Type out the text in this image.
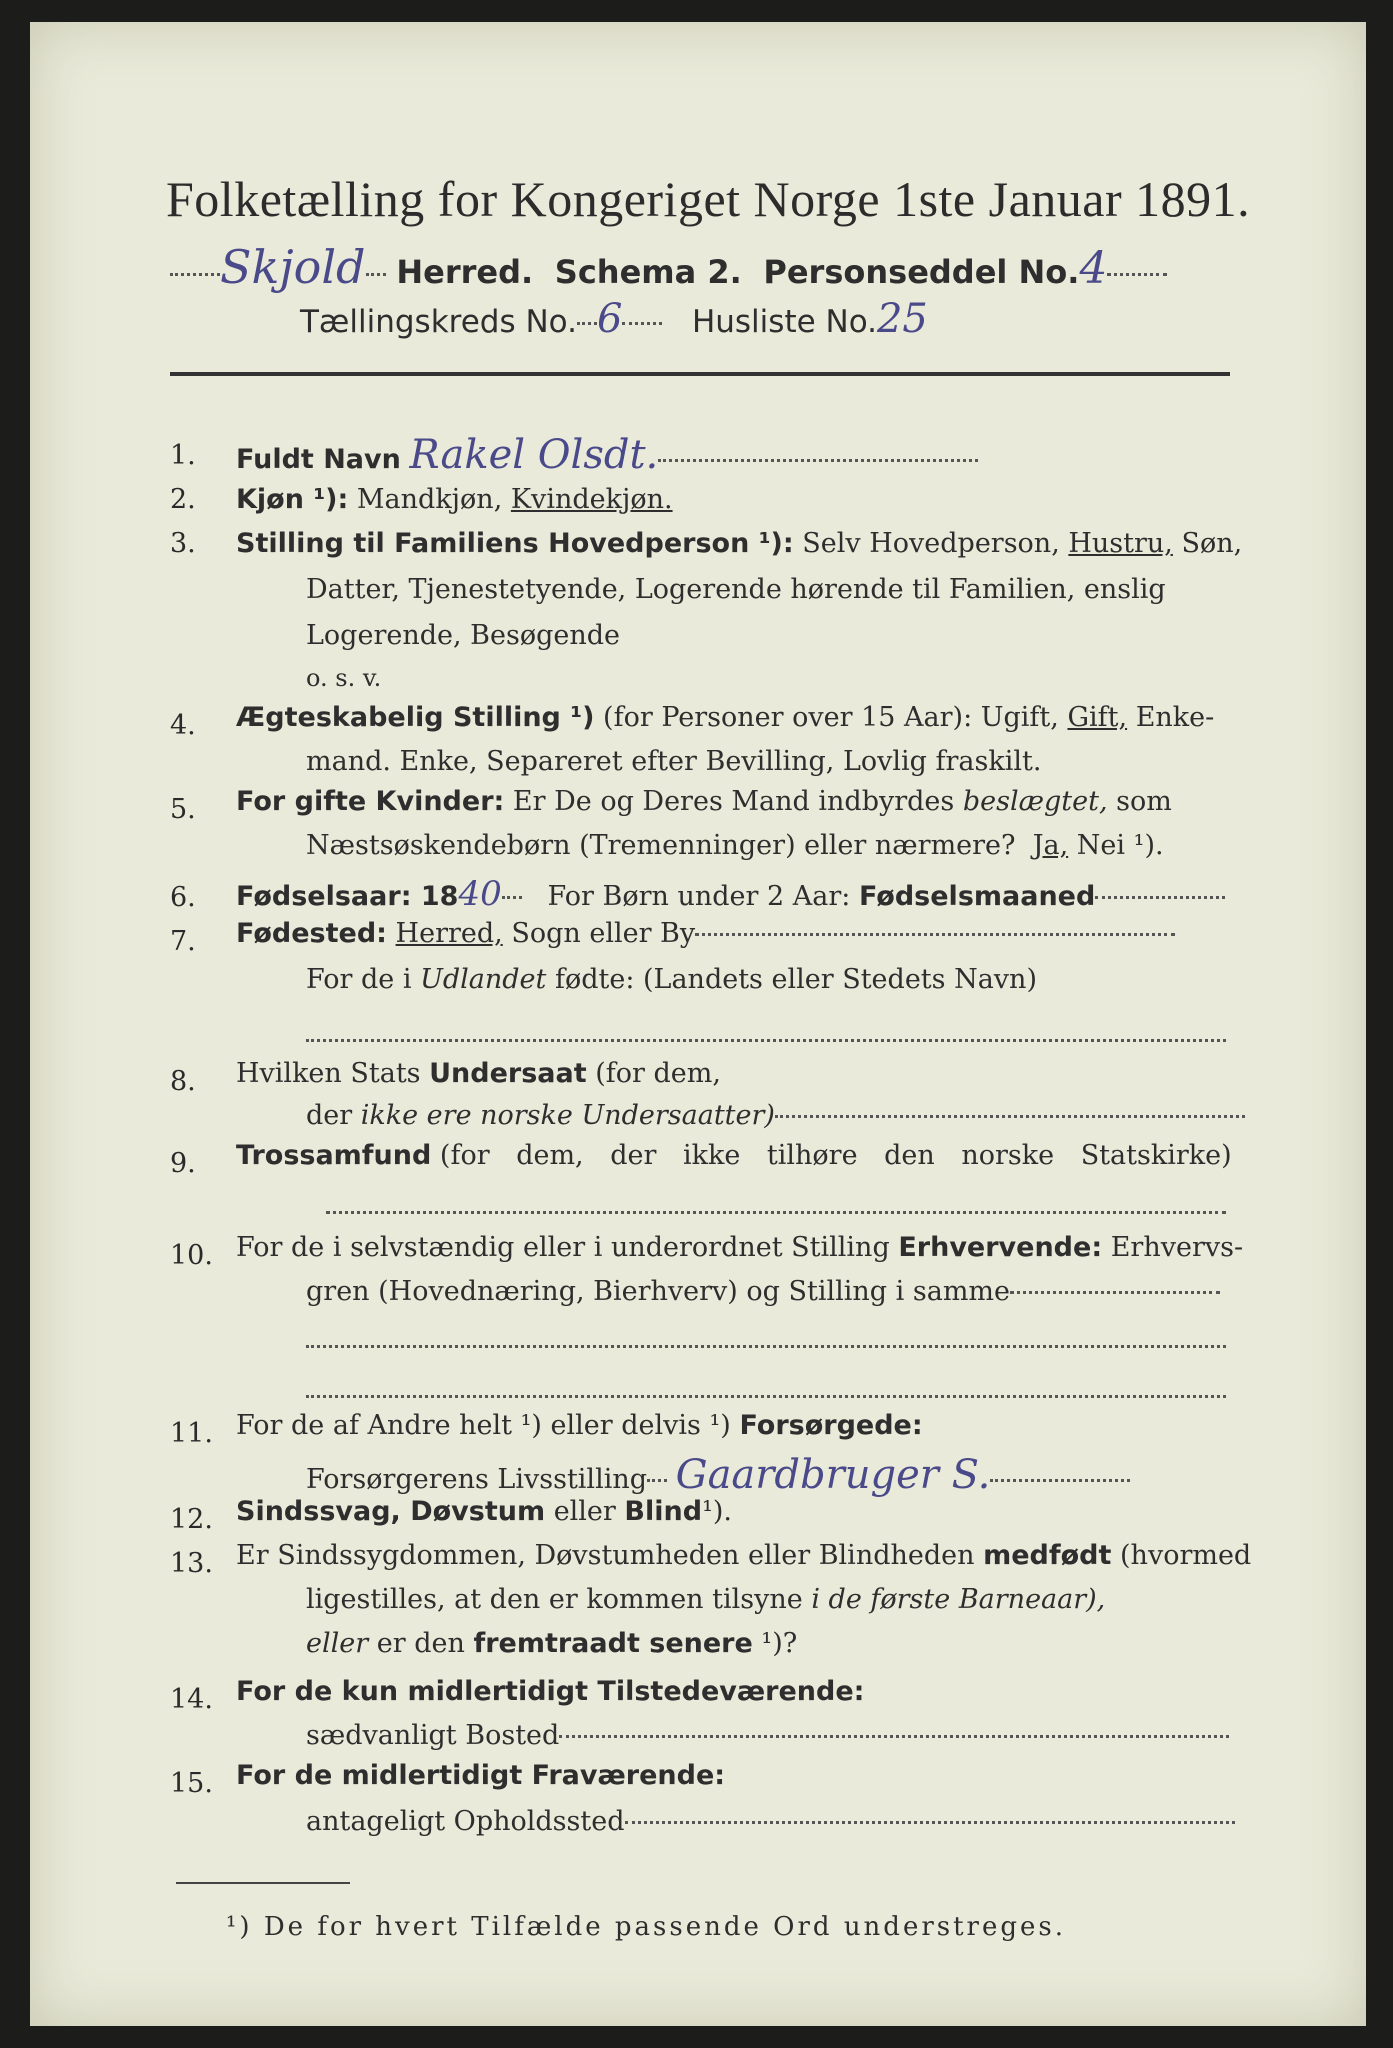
Folketælling for Kongeriget Norge 1ste Januar 1891.
Skjold Herred. Schema 2. Personseddel No.4
Tællingskreds No. 6 Husliste No.25
1.	Fuldt Navn Rakel Olsdt.
2.	Kjøn ¹): Mandkjøn, Kvindekjøn.
3.	Stilling til Familiens Hovedperson ¹): Selv Hovedperson, Hustru, Søn,
Datter, Tjenestetyende, Logerende hørende til Familien, enslig
Logerende, Besøgende
o. s. v.
4.	Ægteskabelig Stilling ¹) (for Personer over 15 Aar): Ugift, Gift, Enke-
mand. Enke, Separeret efter Bevilling, Lovlig fraskilt.
5.	For gifte Kvinder: Er De og Deres Mand indbyrdes beslægtet, som
Næstsøskendebørn (Tremenninger) eller nærmere? Ja, Nei ¹).
6.	Fødselsaar: 1840 For Børn under 2 Aar: Fødselsmaaned
7.	Fødested: Herred, Sogn eller By
For de i Udlandet fødte: (Landets eller Stedets Navn)
8.	Hvilken Stats Undersaat (for dem,
der ikke ere norske Undersaatter)
9.	Trossamfund (for dem, der ikke tilhøre den norske Statskirke)
10. For de i selvstændig eller i underordnet Stilling Erhvervende: Erhvervs-
gren (Hovednæring, Bierhverv) og Stilling i samme
11. For de af Andre helt ¹) eller delvis ¹) Forsørgede:
Forsørgerens Livsstilling Gaardbruger S.
12. Sindssvag, Døvstum eller Blind¹).
13. Er Sindssygdommen, Døvstumheden eller Blindheden medfødt (hvormed
ligestilles, at den er kommen tilsyne i de første Barneaar),
eller er den fremtraadt senere ¹)?
14. For de kun midlertidigt Tilstedeværende:
sædvanligt Bosted
15. For de midlertidigt Fraværende:
antageligt Opholdssted
¹) De for hvert Tilfælde passende Ord understreges.
